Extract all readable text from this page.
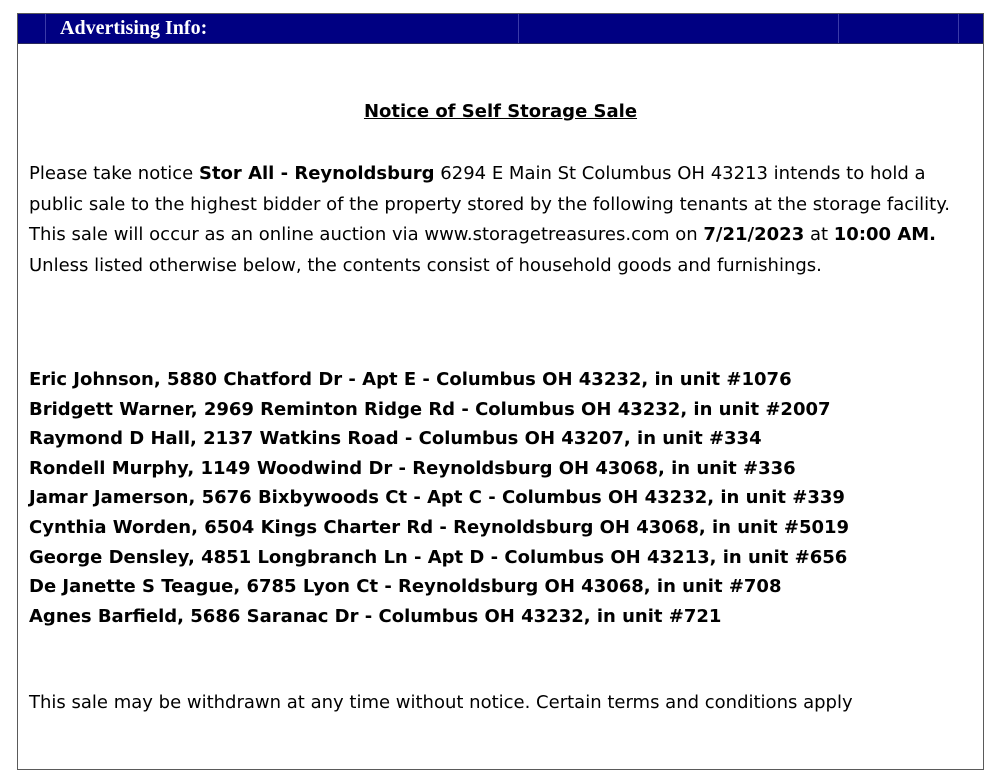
Advertising Info:
Notice of Self Storage Sale
Please take notice Stor All - Reynoldsburg 6294 E Main St Columbus OH 43213 intends to hold a public sale to the highest bidder of the property stored by the following tenants at the storage facility. This sale will occur as an online auction via www.storagetreasures.com on 7/21/2023 at 10:00 AM. Unless listed otherwise below, the contents consist of household goods and furnishings.
Eric Johnson, 5880 Chatford Dr - Apt E - Columbus OH 43232, in unit #1076
Bridgett Warner, 2969 Reminton Ridge Rd - Columbus OH 43232, in unit #2007
Raymond D Hall, 2137 Watkins Road - Columbus OH 43207, in unit #334
Rondell Murphy, 1149 Woodwind Dr - Reynoldsburg OH 43068, in unit #336
Jamar Jamerson, 5676 Bixbywoods Ct - Apt C - Columbus OH 43232, in unit #339
Cynthia Worden, 6504 Kings Charter Rd - Reynoldsburg OH 43068, in unit #5019
George Densley, 4851 Longbranch Ln - Apt D - Columbus OH 43213, in unit #656
De Janette S Teague, 6785 Lyon Ct - Reynoldsburg OH 43068, in unit #708
Agnes Barfield, 5686 Saranac Dr - Columbus OH 43232, in unit #721
This sale may be withdrawn at any time without notice. Certain terms and conditions apply
